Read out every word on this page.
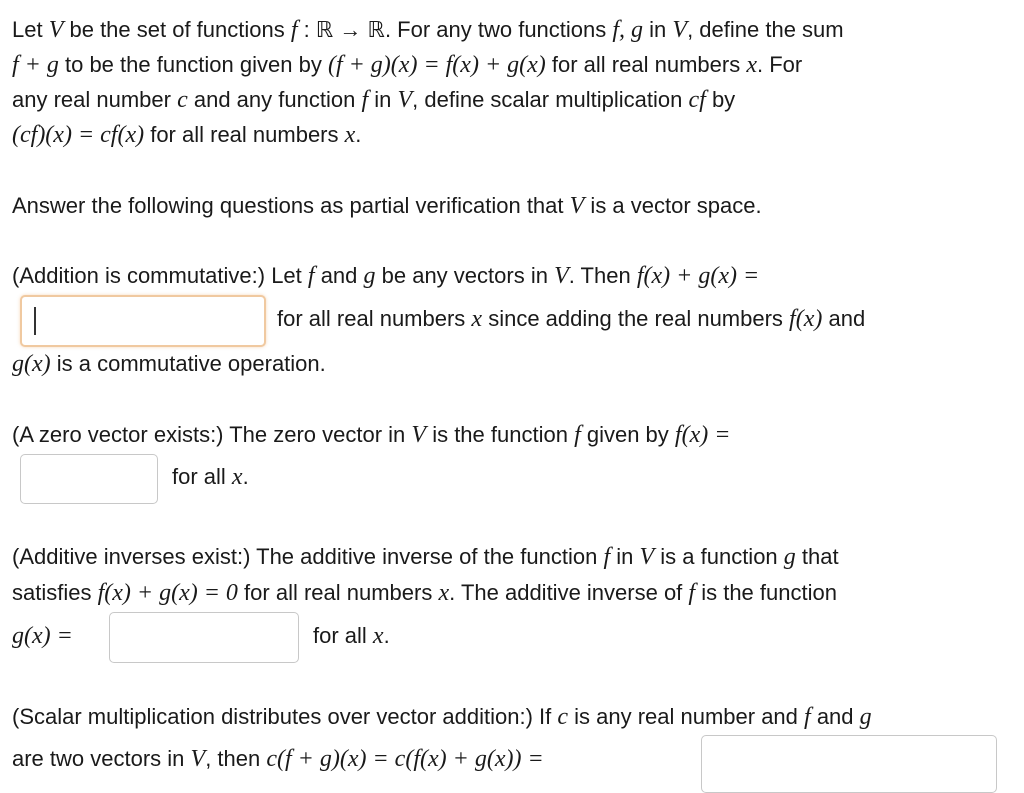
Let V be the set of functions f : ℝ → ℝ. For any two functions f, g in V, define the sum
f + g to be the function given by (f + g)(x) = f(x) + g(x) for all real numbers x. For
any real number c and any function f in V, define scalar multiplication cf by
(cf)(x) = cf(x) for all real numbers x.
Answer the following questions as partial verification that V is a vector space.
(Addition is commutative:) Let f and g be any vectors in V. Then f(x) + g(x) =
for all real numbers x since adding the real numbers f(x) and
g(x) is a commutative operation.
(A zero vector exists:) The zero vector in V is the function f given by f(x) =
for all x.
(Additive inverses exist:) The additive inverse of the function f in V is a function g that
satisfies f(x) + g(x) = 0 for all real numbers x. The additive inverse of f is the function
g(x) =	for all x.
(Scalar multiplication distributes over vector addition:) If c is any real number and f and g
are two vectors in V, then c(f + g)(x) = c(f(x) + g(x)) =
